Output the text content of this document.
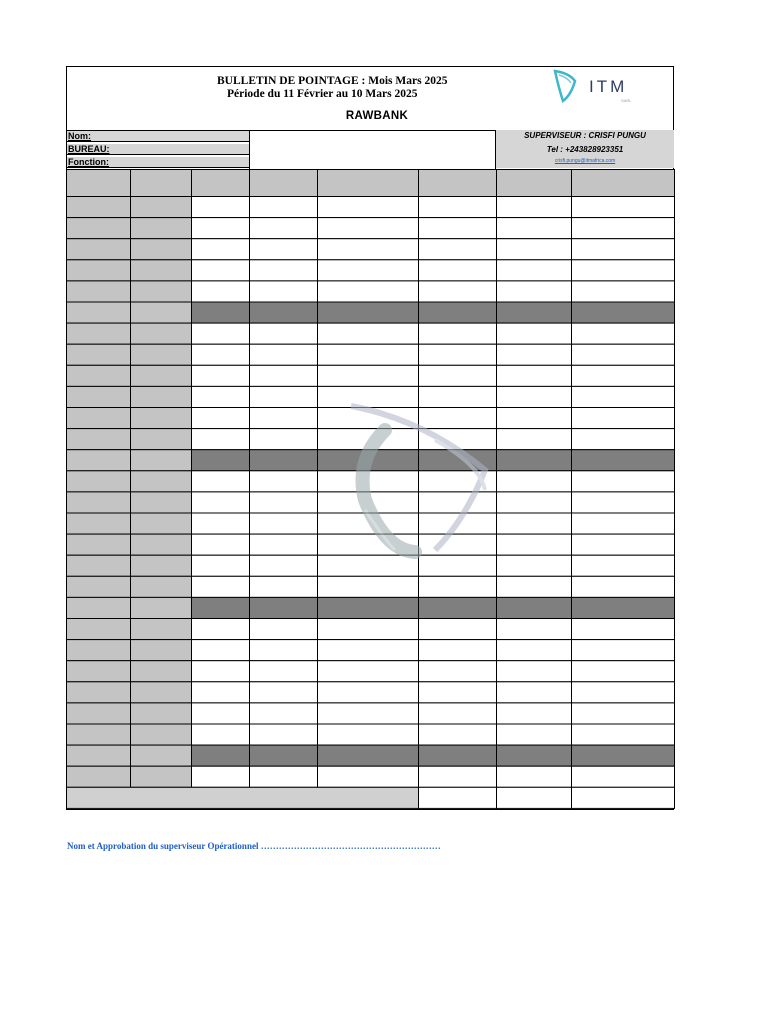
BULLETIN DE POINTAGE : Mois Mars 2025
Période du 11 Février au 10 Mars 2025
RAWBANK
ITM
SARL
Nom:
BUREAU:
Fonction:
SUPERVISEUR : CRISFI PUNGU
Tel : +243828923351
crisfi.pungu@itmafrica.com
Nom et Approbation du superviseur Opérationnel ……………………………………………………
